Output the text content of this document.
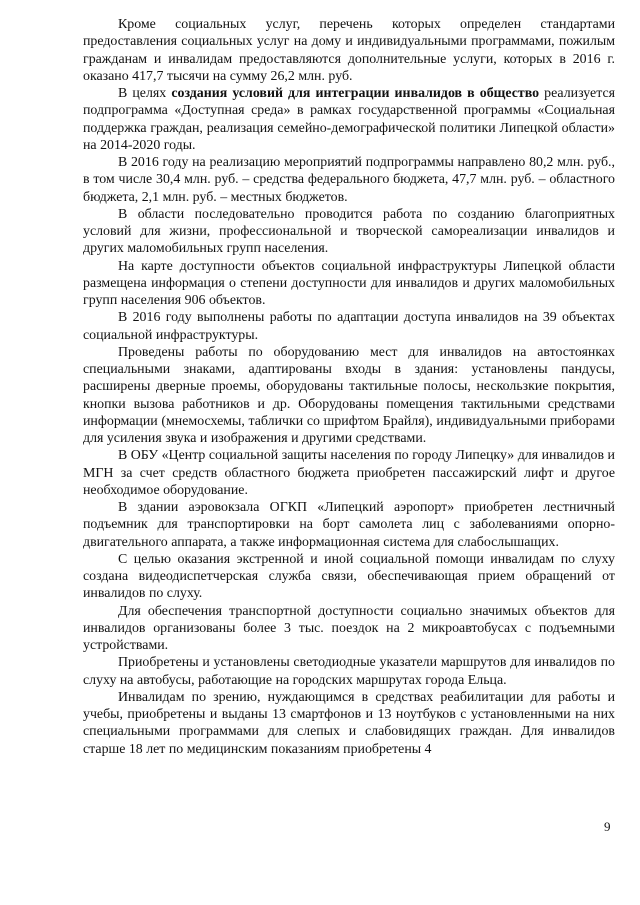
Кроме социальных услуг, перечень которых определен стандартами предоставления социальных услуг на дому и индивидуальными программами, пожилым гражданам и инвалидам предоставляются дополнительные услуги, которых в 2016 г. оказано 417,7 тысячи на сумму 26,2 млн. руб.

В целях создания условий для интеграции инвалидов в общество реализуется подпрограмма «Доступная среда» в рамках государственной программы «Социальная поддержка граждан, реализация семейно-демографической политики Липецкой области» на 2014-2020 годы.

В 2016 году на реализацию мероприятий подпрограммы направлено 80,2 млн. руб., в том числе 30,4 млн. руб. – средства федерального бюджета, 47,7 млн. руб. – областного бюджета, 2,1 млн. руб. – местных бюджетов.

В области последовательно проводится работа по созданию благоприятных условий для жизни, профессиональной и творческой самореализации инвалидов и других маломобильных групп населения.

На карте доступности объектов социальной инфраструктуры Липецкой области размещена информация о степени доступности для инвалидов и других маломобильных групп населения 906 объектов.

В 2016 году выполнены работы по адаптации доступа инвалидов на 39 объектах социальной инфраструктуры.

Проведены работы по оборудованию мест для инвалидов на автостоянках специальными знаками, адаптированы входы в здания: установлены пандусы, расширены дверные проемы, оборудованы тактильные полосы, нескользкие покрытия, кнопки вызова работников и др. Оборудованы помещения тактильными средствами информации (мнемосхемы, таблички со шрифтом Брайля), индивидуальными приборами для усиления звука и изображения и другими средствами.

В ОБУ «Центр социальной защиты населения по городу Липецку» для инвалидов и МГН за счет средств областного бюджета приобретен пассажирский лифт и другое необходимое оборудование.

В здании аэровокзала ОГКП «Липецкий аэропорт» приобретен лестничный подъемник для транспортировки на борт самолета лиц с заболеваниями опорно-двигательного аппарата, а также информационная система для слабослышащих.

С целью оказания экстренной и иной социальной помощи инвалидам по слуху создана видеодиспетчерская служба связи, обеспечивающая прием обращений от инвалидов по слуху.

Для обеспечения транспортной доступности социально значимых объектов для инвалидов организованы более 3 тыс. поездок на 2 микроавтобусах с подъемными устройствами.

Приобретены и установлены светодиодные указатели маршрутов для инвалидов по слуху на автобусы, работающие на городских маршрутах города Ельца.

Инвалидам по зрению, нуждающимся в средствах реабилитации для работы и учебы, приобретены и выданы 13 смартфонов и 13 ноутбуков с установленными на них специальными программами для слепых и слабовидящих граждан. Для инвалидов старше 18 лет по медицинским показаниям приобретены 4

9
